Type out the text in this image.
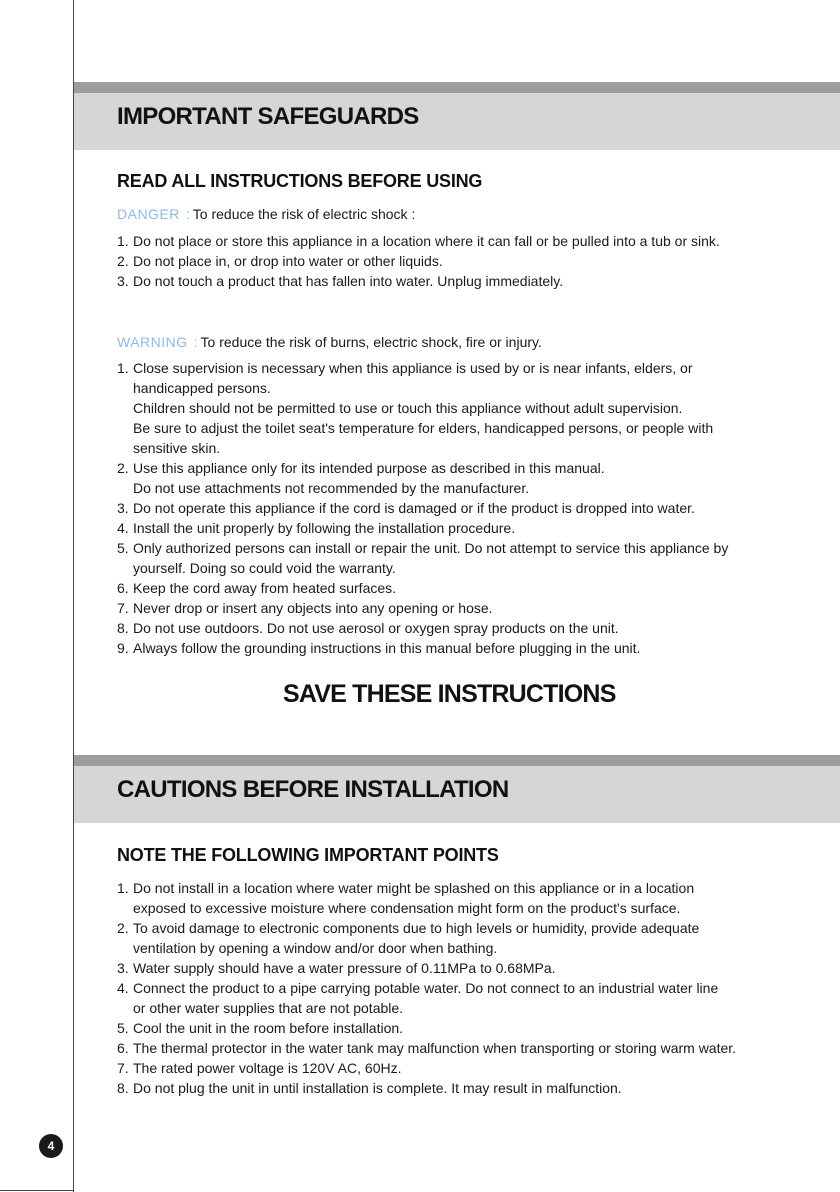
IMPORTANT SAFEGUARDS
READ ALL INSTRUCTIONS BEFORE USING
DANGER : To reduce the risk of electric shock :
1. Do not place or store this appliance in a location where it can fall or be pulled into a tub or sink.
2. Do not place in, or drop into water or other liquids.
3. Do not touch a product that has fallen into water. Unplug immediately.
WARNING : To reduce the risk of burns, electric shock, fire or injury.
1. Close supervision is necessary when this appliance is used by or is near infants, elders, or
handicapped persons.
Children should not be permitted to use or touch this appliance without adult supervision.
Be sure to adjust the toilet seat's temperature for elders, handicapped persons, or people with
sensitive skin.
2. Use this appliance only for its intended purpose as described in this manual.
Do not use attachments not recommended by the manufacturer.
3. Do not operate this appliance if the cord is damaged or if the product is dropped into water.
4. Install the unit properly by following the installation procedure.
5. Only authorized persons can install or repair the unit. Do not attempt to service this appliance by
yourself. Doing so could void the warranty.
6. Keep the cord away from heated surfaces.
7. Never drop or insert any objects into any opening or hose.
8. Do not use outdoors. Do not use aerosol or oxygen spray products on the unit.
9. Always follow the grounding instructions in this manual before plugging in the unit.
SAVE THESE INSTRUCTIONS
CAUTIONS BEFORE INSTALLATION
NOTE THE FOLLOWING IMPORTANT POINTS
1. Do not install in a location where water might be splashed on this appliance or in a location
exposed to excessive moisture where condensation might form on the product's surface.
2. To avoid damage to electronic components due to high levels or humidity, provide adequate
ventilation by opening a window and/or door when bathing.
3. Water supply should have a water pressure of 0.11MPa to 0.68MPa.
4. Connect the product to a pipe carrying potable water. Do not connect to an industrial water line
or other water supplies that are not potable.
5. Cool the unit in the room before installation.
6. The thermal protector in the water tank may malfunction when transporting or storing warm water.
7. The rated power voltage is 120V AC, 60Hz.
8. Do not plug the unit in until installation is complete. It may result in malfunction.
4
